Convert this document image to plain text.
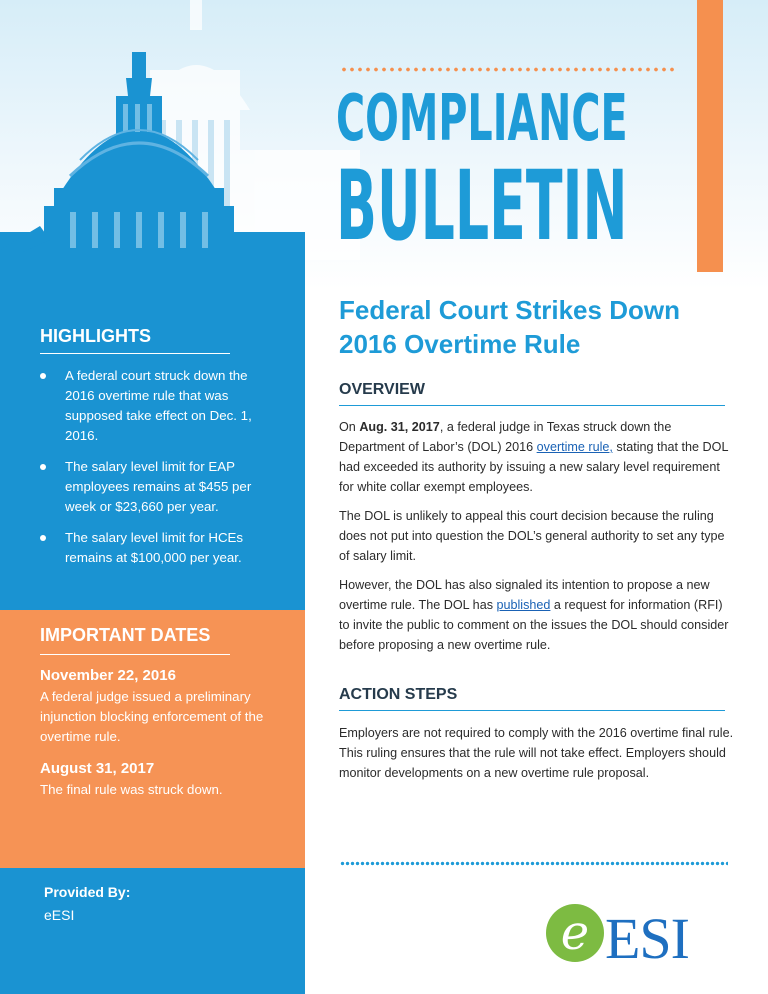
COMPLIANCE
BULLETIN
HIGHLIGHTS
A federal court struck down the 2016 overtime rule that was supposed take effect on Dec. 1, 2016.
The salary level limit for EAP employees remains at $455 per week or $23,660 per year.
The salary level limit for HCEs remains at $100,000 per year.
IMPORTANT DATES
November 22, 2016
A federal judge issued a preliminary injunction blocking enforcement of the overtime rule.
August 31, 2017
The final rule was struck down.
Provided By:
eESI
Federal Court Strikes Down
2016 Overtime Rule
OVERVIEW

On Aug. 31, 2017, a federal judge in Texas struck down the Department of Labor’s (DOL) 2016 overtime rule, stating that the DOL had exceeded its authority by issuing a new salary level requirement for white collar exempt employees.

The DOL is unlikely to appeal this court decision because the ruling does not put into question the DOL’s general authority to set any type of salary limit.

However, the DOL has also signaled its intention to propose a new overtime rule. The DOL has published a request for information (RFI) to invite the public to comment on the issues the DOL should consider before proposing a new overtime rule.

ACTION STEPS

Employers are not required to comply with the 2016 overtime final rule. This ruling ensures that the rule will not take effect. Employers should monitor developments on a new overtime rule proposal.

e ESI
